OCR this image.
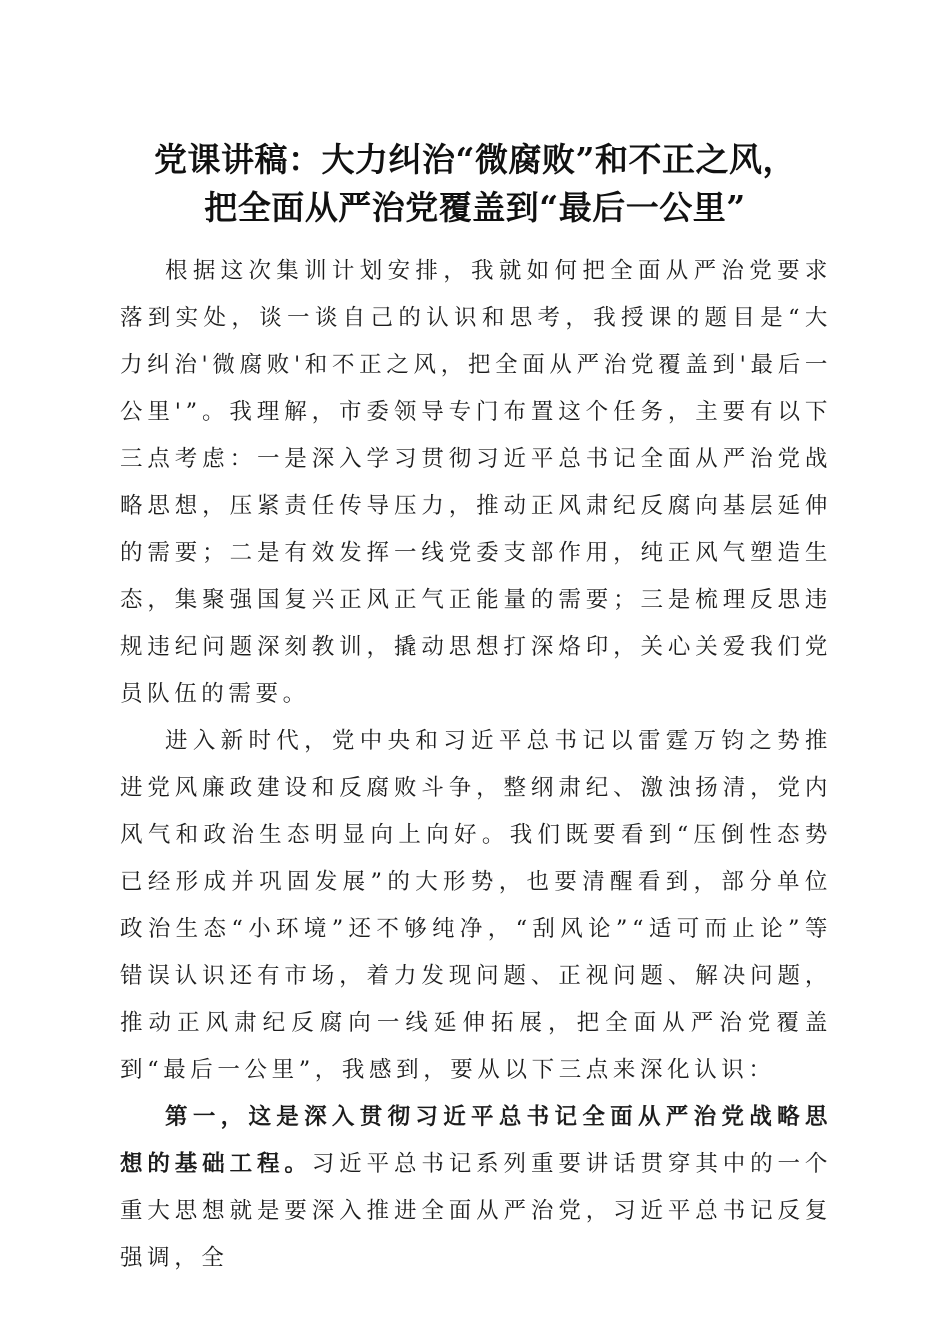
党课讲稿：大力纠治“微腐败”和不正之风，
把全面从严治党覆盖到“最后一公里”

根据这次集训计划安排，我就如何把全面从严治党要求落到实处，谈一谈自己的认识和思考，我授课的题目是“大力纠治'微腐败'和不正之风，把全面从严治党覆盖到'最后一公里'”。我理解，市委领导专门布置这个任务，主要有以下三点考虑：一是深入学习贯彻习近平总书记全面从严治党战略思想，压紧责任传导压力，推动正风肃纪反腐向基层延伸的需要；二是有效发挥一线党委支部作用，纯正风气塑造生态，集聚强国复兴正风正气正能量的需要；三是梳理反思违规违纪问题深刻教训，撬动思想打深烙印，关心关爱我们党员队伍的需要。

进入新时代，党中央和习近平总书记以雷霆万钧之势推进党风廉政建设和反腐败斗争，整纲肃纪、激浊扬清，党内风气和政治生态明显向上向好。我们既要看到“压倒性态势已经形成并巩固发展”的大形势，也要清醒看到，部分单位政治生态“小环境”还不够纯净，“刮风论”“适可而止论”等错误认识还有市场，着力发现问题、正视问题、解决问题，推动正风肃纪反腐向一线延伸拓展，把全面从严治党覆盖到“最后一公里”，我感到，要从以下三点来深化认识：

第一，这是深入贯彻习近平总书记全面从严治党战略思想的基础工程。习近平总书记系列重要讲话贯穿其中的一个重大思想就是要深入推进全面从严治党，习近平总书记反复强调，全
